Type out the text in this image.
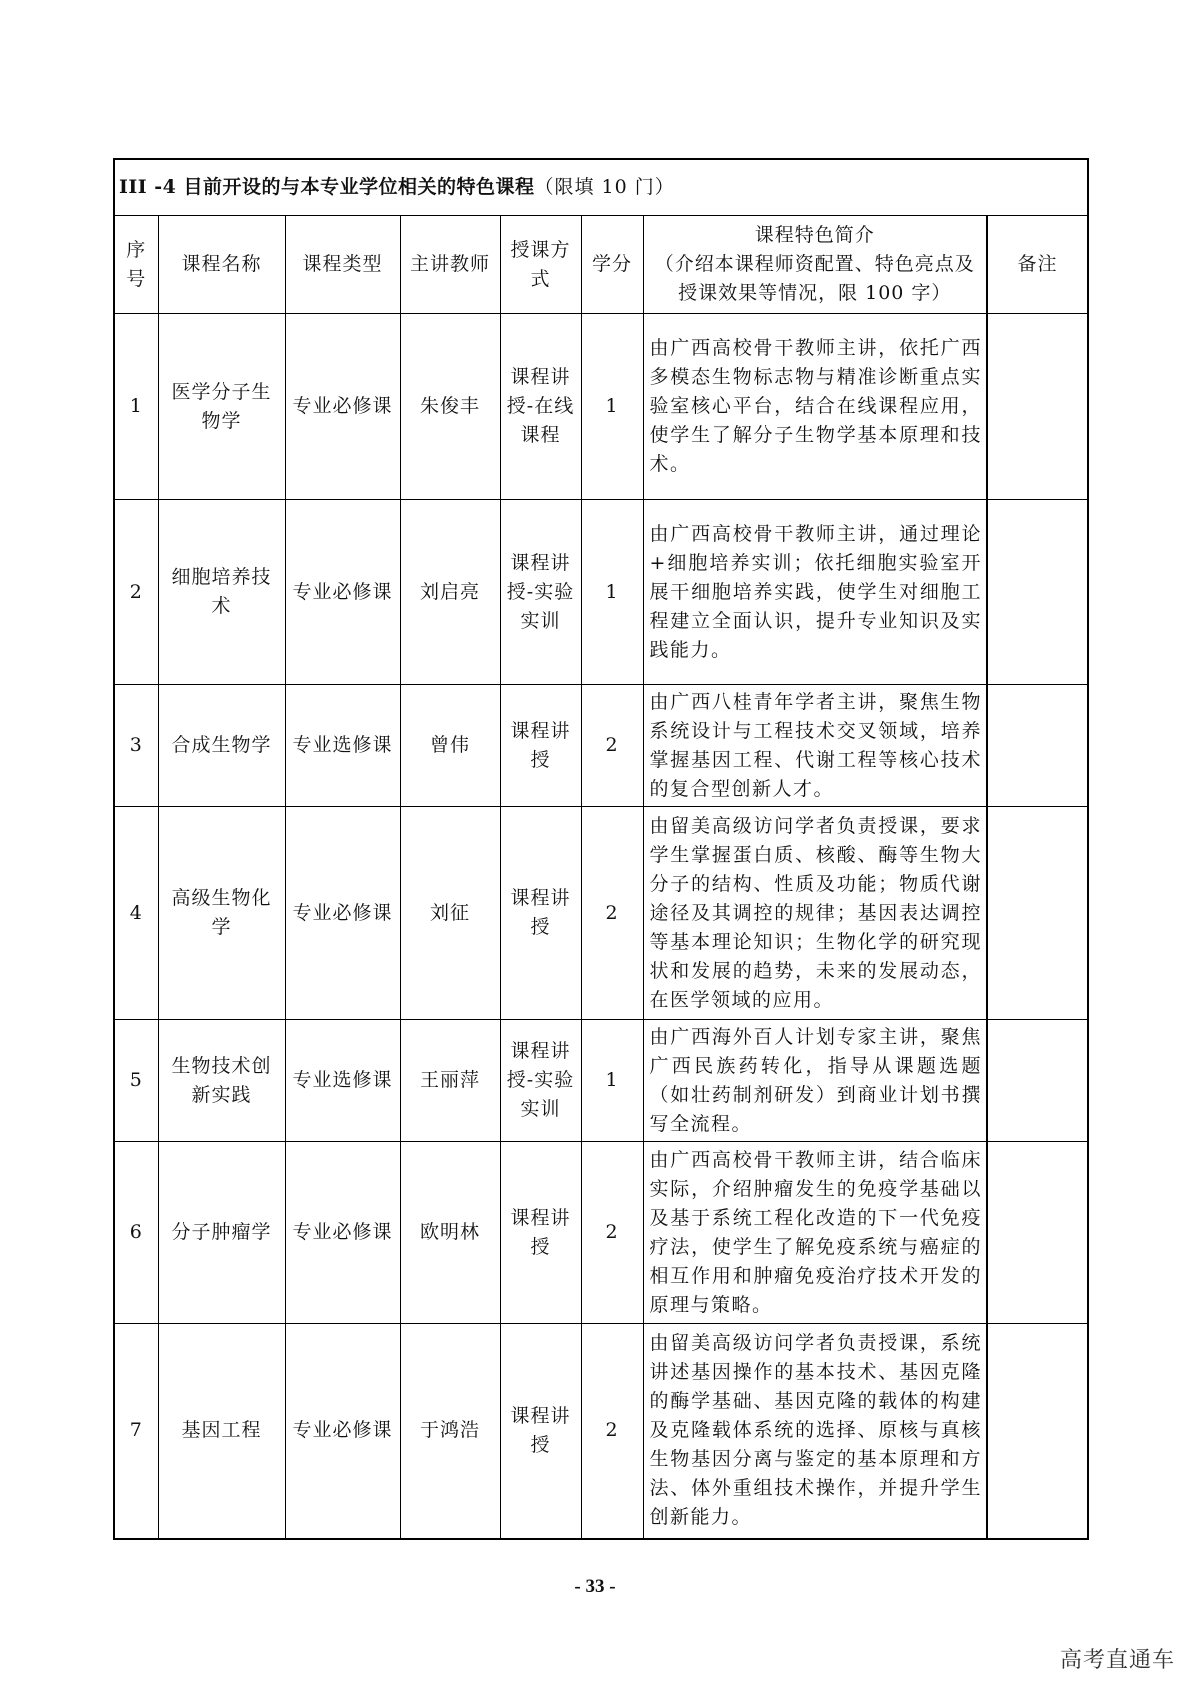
III -4 目前开设的与本专业学位相关的特色课程（限填 10 门）							
序号	课程名称	课程类型	主讲教师	授课方式	学分	课程特色简介
（介绍本课程师资配置、特色亮点及授课效果等情况，限 100 字）	备注
1	医学分子生物学	专业必修课	朱俊丰	课程讲授-在线课程	1	由广西高校骨干教师主讲，依托广西多模态生物标志物与精准诊断重点实验室核心平台，结合在线课程应用，使学生了解分子生物学基本原理和技术。	
2	细胞培养技术	专业必修课	刘启亮	课程讲授-实验实训	1	由广西高校骨干教师主讲，通过理论+细胞培养实训；依托细胞实验室开展干细胞培养实践，使学生对细胞工程建立全面认识，提升专业知识及实践能力。	
3	合成生物学	专业选修课	曾伟	课程讲授	2	由广西八桂青年学者主讲，聚焦生物系统设计与工程技术交叉领域，培养掌握基因工程、代谢工程等核心技术的复合型创新人才。	
4	高级生物化学	专业必修课	刘征	课程讲授	2	由留美高级访问学者负责授课，要求学生掌握蛋白质、核酸、酶等生物大分子的结构、性质及功能；物质代谢途径及其调控的规律；基因表达调控等基本理论知识；生物化学的研究现状和发展的趋势，未来的发展动态，在医学领域的应用。	
5	生物技术创新实践	专业选修课	王丽萍	课程讲授-实验实训	1	由广西海外百人计划专家主讲，聚焦广西民族药转化，指导从课题选题（如壮药制剂研发）到商业计划书撰写全流程。	
6	分子肿瘤学	专业必修课	欧明林	课程讲授	2	由广西高校骨干教师主讲，结合临床实际，介绍肿瘤发生的免疫学基础以及基于系统工程化改造的下一代免疫疗法，使学生了解免疫系统与癌症的相互作用和肿瘤免疫治疗技术开发的原理与策略。	
7	基因工程	专业必修课	于鸿浩	课程讲授	2	由留美高级访问学者负责授课，系统讲述基因操作的基本技术、基因克隆的酶学基础、基因克隆的载体的构建及克隆载体系统的选择、原核与真核生物基因分离与鉴定的基本原理和方法、体外重组技术操作，并提升学生创新能力。	
- 33 -
高考直通车
